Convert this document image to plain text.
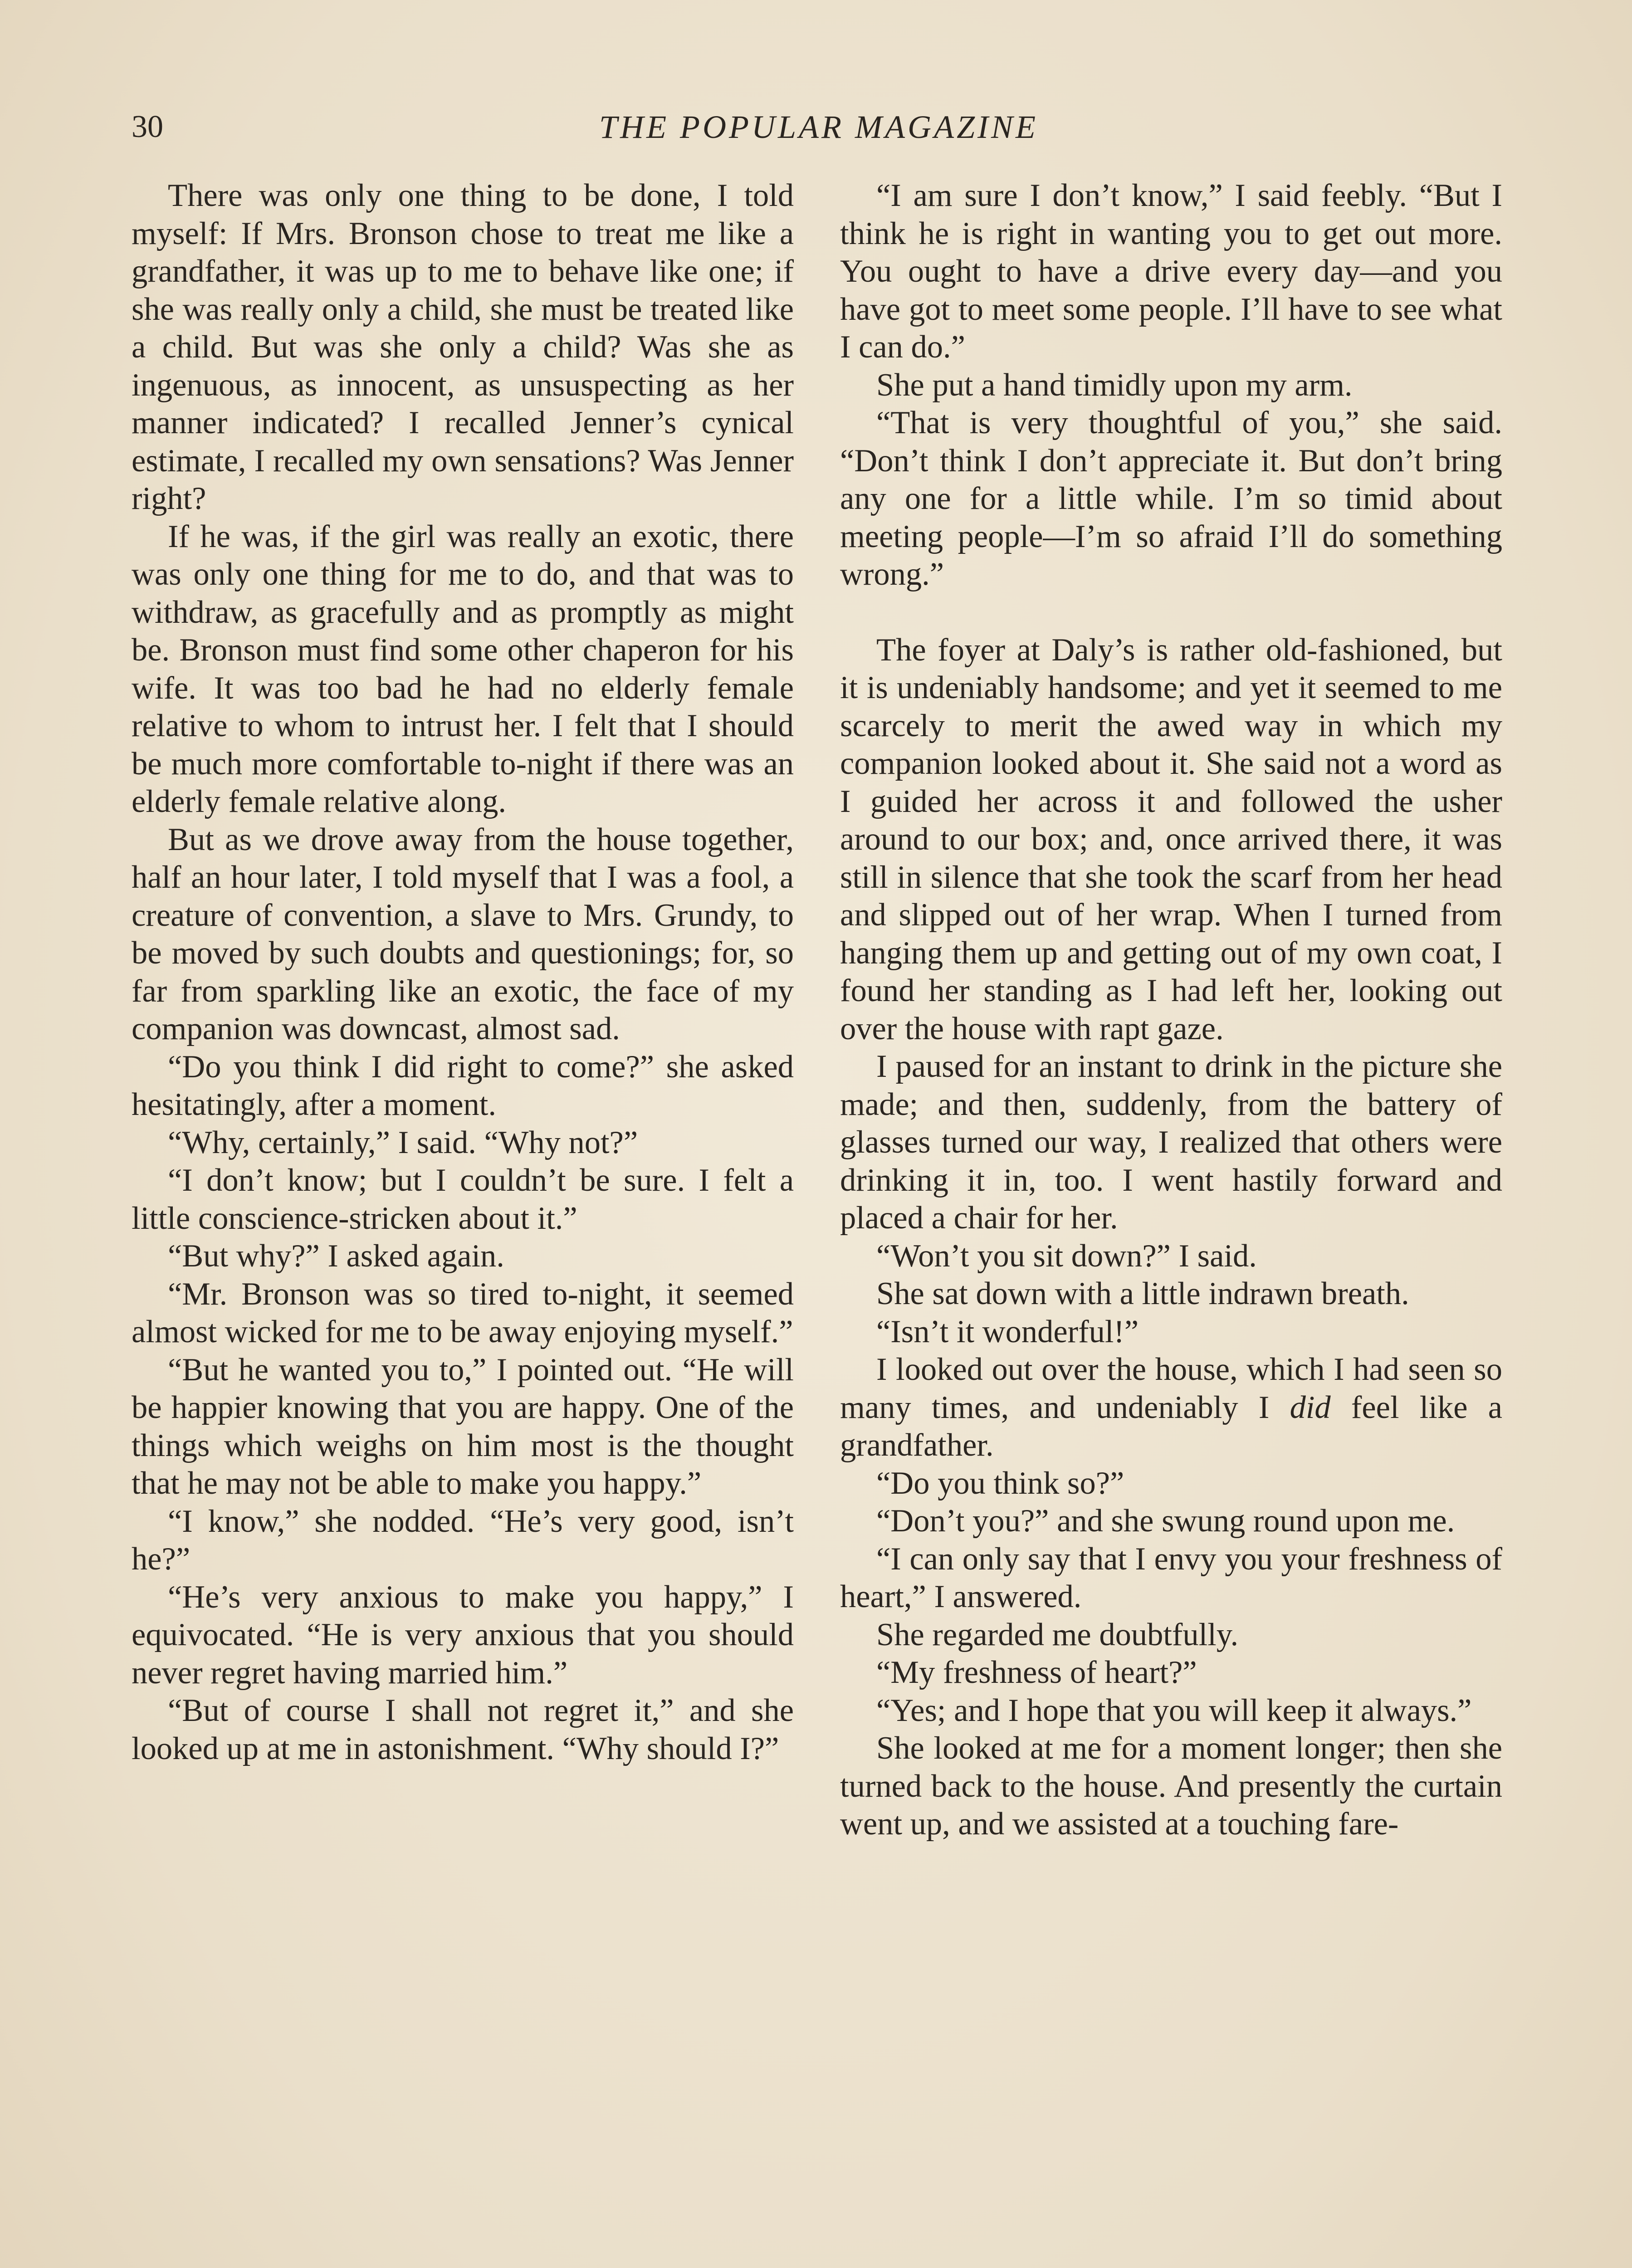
30	THE POPULAR MAGAZINE

There was only one thing to be done, I told myself: If Mrs. Bronson chose to treat me like a grandfather, it was up to me to behave like one; if she was really only a child, she must be treated like a child. But was she only a child? Was she as ingenuous, as innocent, as unsuspecting as her manner indicated? I recalled Jenner’s cynical estimate, I recalled my own sensations? Was Jenner right?

If he was, if the girl was really an exotic, there was only one thing for me to do, and that was to withdraw, as gracefully and as promptly as might be. Bronson must find some other chaperon for his wife. It was too bad he had no elderly female relative to whom to intrust her. I felt that I should be much more comfortable to-night if there was an elderly female relative along.

But as we drove away from the house together, half an hour later, I told myself that I was a fool, a creature of convention, a slave to Mrs. Grundy, to be moved by such doubts and questionings; for, so far from sparkling like an exotic, the face of my companion was downcast, almost sad.

“Do you think I did right to come?” she asked hesitatingly, after a moment.

“Why, certainly,” I said. “Why not?”

“I don’t know; but I couldn’t be sure. I felt a little conscience-stricken about it.”

“But why?” I asked again.

“Mr. Bronson was so tired to-night, it seemed almost wicked for me to be away enjoying myself.”

“But he wanted you to,” I pointed out. “He will be happier knowing that you are happy. One of the things which weighs on him most is the thought that he may not be able to make you happy.”

“I know,” she nodded. “He’s very good, isn’t he?”

“He’s very anxious to make you happy,” I equivocated. “He is very anxious that you should never regret having married him.”

“But of course I shall not regret it,” and she looked up at me in astonishment. “Why should I?”

“I am sure I don’t know,” I said feebly. “But I think he is right in wanting you to get out more. You ought to have a drive every day—and you have got to meet some people. I’ll have to see what I can do.”

She put a hand timidly upon my arm.

“That is very thoughtful of you,” she said. “Don’t think I don’t appreciate it. But don’t bring any one for a little while. I’m so timid about meeting people—I’m so afraid I’ll do something wrong.”

The foyer at Daly’s is rather old-fashioned, but it is undeniably handsome; and yet it seemed to me scarcely to merit the awed way in which my companion looked about it. She said not a word as I guided her across it and followed the usher around to our box; and, once arrived there, it was still in silence that she took the scarf from her head and slipped out of her wrap. When I turned from hanging them up and getting out of my own coat, I found her standing as I had left her, looking out over the house with rapt gaze.

I paused for an instant to drink in the picture she made; and then, suddenly, from the battery of glasses turned our way, I realized that others were drinking it in, too. I went hastily forward and placed a chair for her.

“Won’t you sit down?” I said.

She sat down with a little indrawn breath.

“Isn’t it wonderful!”

I looked out over the house, which I had seen so many times, and undeniably I did feel like a grandfather.

“Do you think so?”

“Don’t you?” and she swung round upon me.

“I can only say that I envy you your freshness of heart,” I answered.

She regarded me doubtfully.

“My freshness of heart?”

“Yes; and I hope that you will keep it always.”

She looked at me for a moment longer; then she turned back to the house. And presently the curtain went up, and we assisted at a touching fare-
